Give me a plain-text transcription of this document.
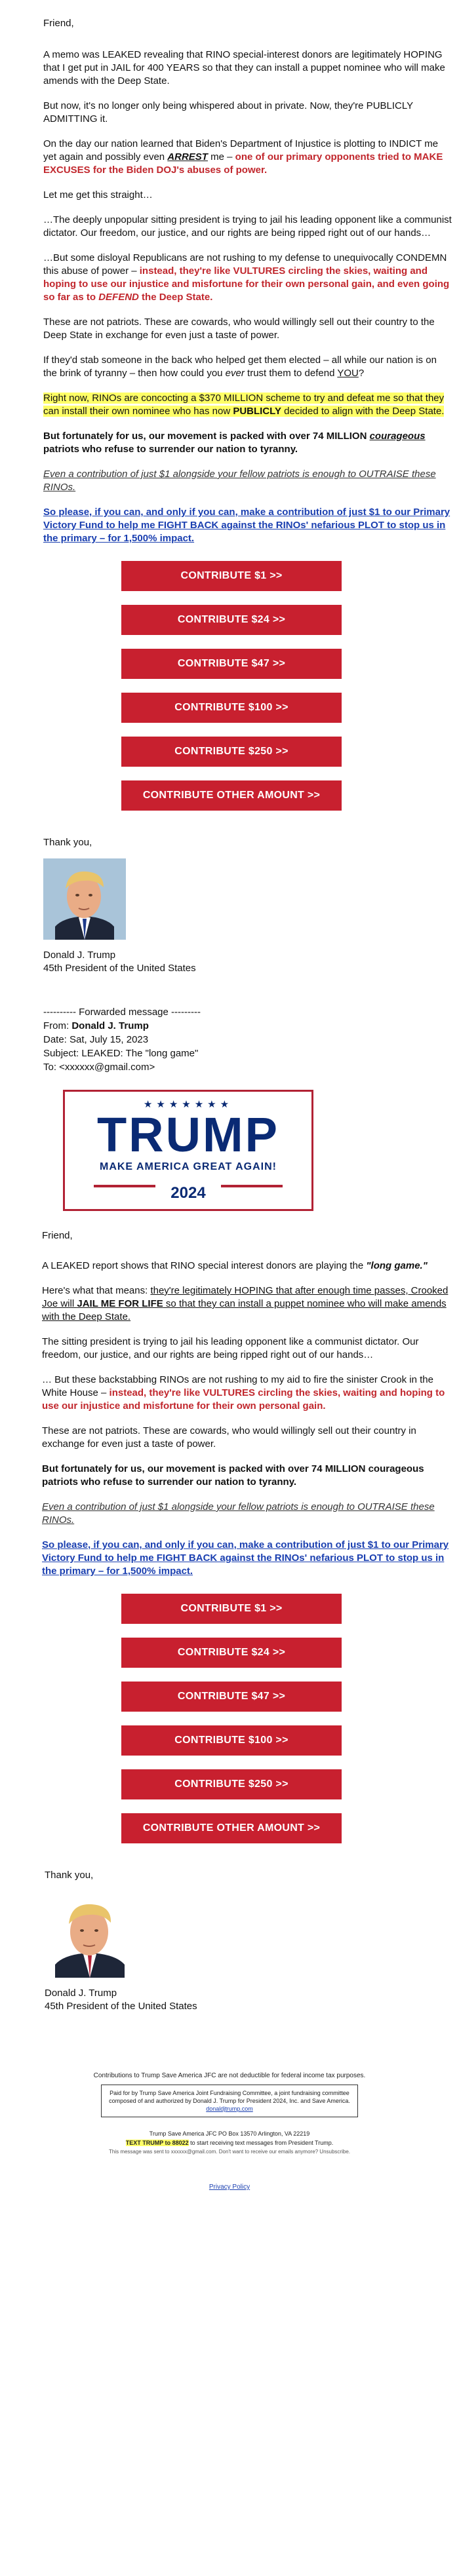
Friend,

A memo was LEAKED revealing that RINO special-interest donors are legitimately HOPING that I get put in JAIL for 400 YEARS so that they can install a puppet nominee who will make amends with the Deep State.

But now, it's no longer only being whispered about in private. Now, they're PUBLICLY ADMITTING it.

On the day our nation learned that Biden's Department of Injustice is plotting to INDICT me yet again and possibly even ARREST me – one of our primary opponents tried to MAKE EXCUSES for the Biden DOJ's abuses of power.

Let me get this straight…

…The deeply unpopular sitting president is trying to jail his leading opponent like a communist dictator. Our freedom, our justice, and our rights are being ripped right out of our hands…

…But some disloyal Republicans are not rushing to my defense to unequivocally CONDEMN this abuse of power – instead, they're like VULTURES circling the skies, waiting and hoping to use our injustice and misfortune for their own personal gain, and even going so far as to DEFEND the Deep State.

These are not patriots. These are cowards, who would willingly sell out their country to the Deep State in exchange for even just a taste of power.

If they'd stab someone in the back who helped get them elected – all while our nation is on the brink of tyranny – then how could you ever trust them to defend YOU?

Right now, RINOs are concocting a $370 MILLION scheme to try and defeat me so that they can install their own nominee who has now PUBLICLY decided to align with the Deep State.

But fortunately for us, our movement is packed with over 74 MILLION courageous patriots who refuse to surrender our nation to tyranny.

Even a contribution of just $1 alongside your fellow patriots is enough to OUTRAISE these RINOs.

So please, if you can, and only if you can, make a contribution of just $1 to our Primary Victory Fund to help me FIGHT BACK against the RINOs' nefarious PLOT to stop us in the primary – for 1,500% impact.

CONTRIBUTE $1 >>
CONTRIBUTE $24 >>
CONTRIBUTE $47 >>
CONTRIBUTE $100 >>
CONTRIBUTE $250 >>
CONTRIBUTE OTHER AMOUNT >>

Thank you,

Donald J. Trump

45th President of the United States

---------- Forwarded message ---------
From: Donald J. Trump
Date: Sat, July 15, 2023
Subject: LEAKED: The "long game"
To: <xxxxxx@gmail.com>
★★★★★★★
TRUMP
MAKE AMERICA GREAT AGAIN!
2024

Friend,

A LEAKED report shows that RINO special interest donors are playing the "long game."

Here's what that means: they're legitimately HOPING that after enough time passes, Crooked Joe will JAIL ME FOR LIFE so that they can install a puppet nominee who will make amends with the Deep State.

The sitting president is trying to jail his leading opponent like a communist dictator. Our freedom, our justice, and our rights are being ripped right out of our hands…

… But these backstabbing RINOs are not rushing to my aid to fire the sinister Crook in the White House – instead, they're like VULTURES circling the skies, waiting and hoping to use our injustice and misfortune for their own personal gain.

These are not patriots. These are cowards, who would willingly sell out their country in exchange for even just a taste of power.

But fortunately for us, our movement is packed with over 74 MILLION courageous patriots who refuse to surrender our nation to tyranny.

Even a contribution of just $1 alongside your fellow patriots is enough to OUTRAISE these RINOs.

So please, if you can, and only if you can, make a contribution of just $1 to our Primary Victory Fund to help me FIGHT BACK against the RINOs' nefarious PLOT to stop us in the primary – for 1,500% impact.

CONTRIBUTE $1 >>
CONTRIBUTE $24 >>
CONTRIBUTE $47 >>
CONTRIBUTE $100 >>
CONTRIBUTE $250 >>
CONTRIBUTE OTHER AMOUNT >>

Thank you,

Donald J. Trump

45th President of the United States

Contributions to Trump Save America JFC are not deductible for federal income tax purposes.
Paid for by Trump Save America Joint Fundraising Committee, a joint fundraising committee composed of and authorized by Donald J. Trump for President 2024, Inc. and Save America.
donaldjtrump.com
Trump Save America JFC PO Box 13570 Arlington, VA 22219
TEXT TRUMP to 88022 to start receiving text messages from President Trump.
This message was sent to xxxxxx@gmail.com. Don't want to receive our emails anymore? Unsubscribe.
Privacy Policy
